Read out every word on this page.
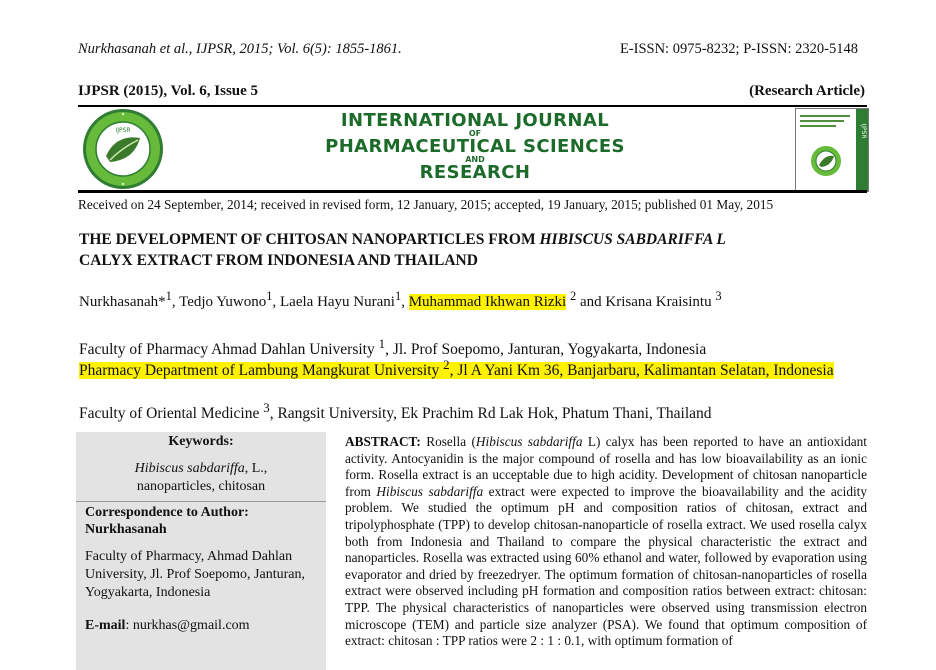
Nurkhasanah et al., IJPSR, 2015; Vol. 6(5): 1855-1861.	E-ISSN: 0975-8232; P-ISSN: 2320-5148
IJPSR (2015), Vol. 6, Issue 5	(Research Article)
IJPSR	INTERNATIONAL JOURNAL
OF
PHARMACEUTICAL SCIENCES
AND
RESEARCH
IJPSR
Received on 24 September, 2014; received in revised form, 12 January, 2015; accepted, 19 January, 2015; published 01 May, 2015
THE DEVELOPMENT OF CHITOSAN NANOPARTICLES FROM HIBISCUS SABDARIFFA L
CALYX EXTRACT FROM INDONESIA AND THAILAND
Nurkhasanah*$^1$, Tedjo Yuwono$^1$, Laela Hayu Nurani$^1$, Muhammad Ikhwan Rizki $^2$ and Krisana Kraisintu $^3$
Faculty of Pharmacy Ahmad Dahlan University $^1$, Jl. Prof Soepomo, Janturan, Yogyakarta, Indonesia
Pharmacy Department of Lambung Mangkurat University $^2$, Jl A Yani Km 36, Banjarbaru, Kalimantan Selatan, Indonesia
Faculty of Oriental Medicine $^3$, Rangsit University, Ek Prachim Rd Lak Hok, Phatum Thani, Thailand
Keywords:
Hibiscus sabdariffa, L.,
nanoparticles, chitosan
Correspondence to Author:
Nurkhasanah
Faculty of Pharmacy, Ahmad Dahlan University, Jl. Prof Soepomo, Janturan, Yogyakarta, Indonesia
E-mail: nurkhas@gmail.com
ABSTRACT: Rosella (Hibiscus sabdariffa L) calyx has been reported to have an antioxidant activity. Antocyanidin is the major compound of rosella and has low bioavailability as an ionic form. Rosella extract is an ucceptable due to high acidity. Development of chitosan nanoparticle from Hibiscus sabdariffa extract were expected to improve the bioavailability and the acidity problem. We studied the optimum pH and composition ratios of chitosan, extract and tripolyphosphate (TPP) to develop chitosan-nanoparticle of rosella extract. We used rosella calyx both from Indonesia and Thailand to compare the physical characteristic the extract and nanoparticles. Rosella was extracted using 60% ethanol and water, followed by evaporation using evaporator and dried by freezedryer. The optimum formation of chitosan-nanoparticles of rosella extract were observed including pH formation and composition ratios between extract: chitosan: TPP. The physical characteristics of nanoparticles were observed using transmission electron microscope (TEM) and particle size analyzer (PSA). We found that optimum composition of extract: chitosan : TPP ratios were 2 : 1 : 0.1, with optimum formation of
